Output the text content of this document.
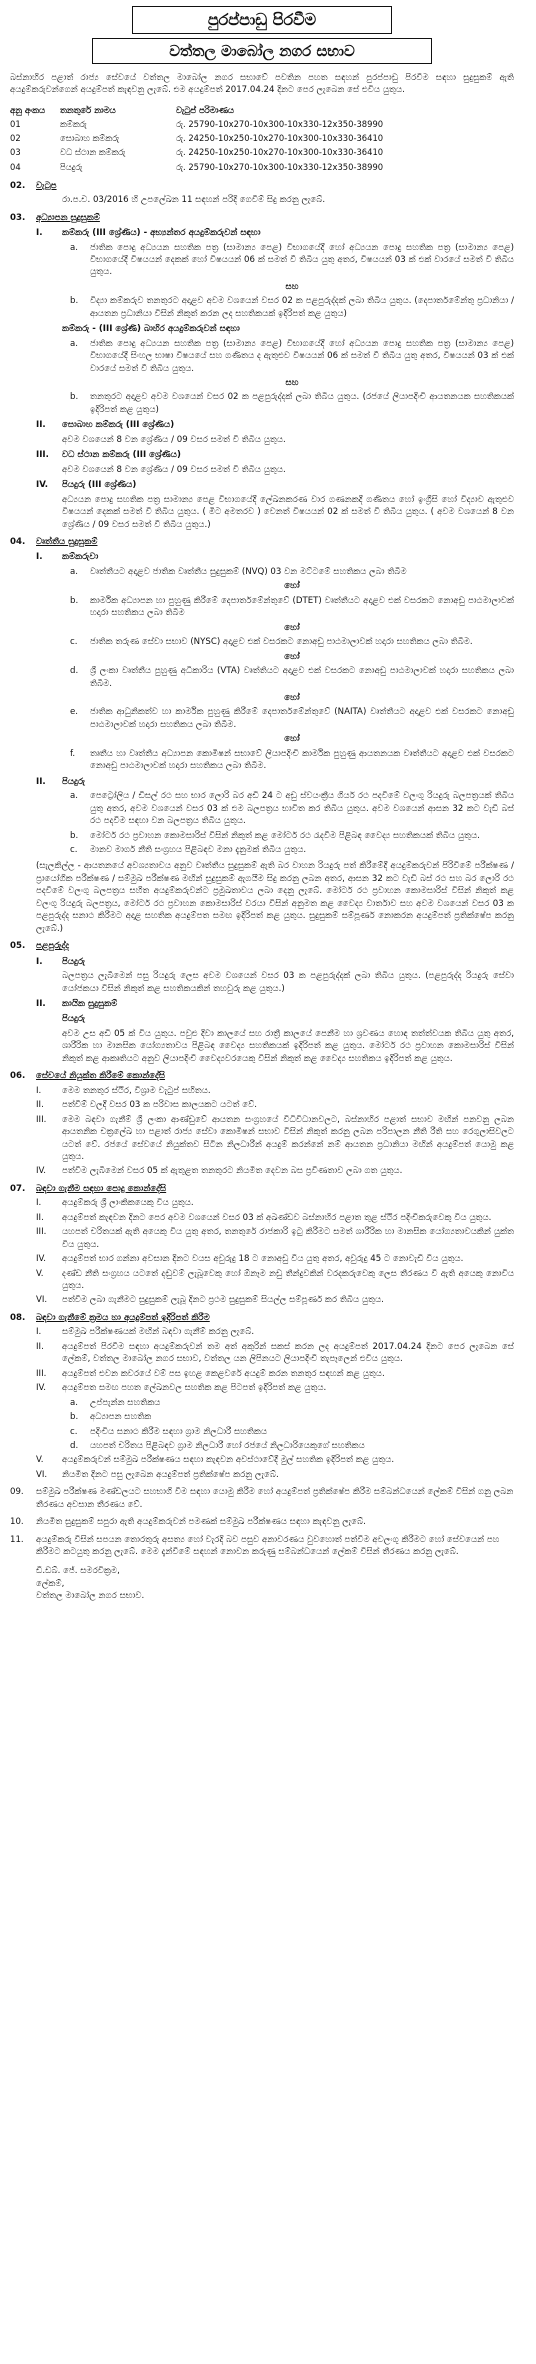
පුරප්පාඩු පිරවීම
වත්තල මාබෝල නගර සභාව

බස්නාහිර පළාත් රාජ්‍ය සේවයේ වත්තල මාබෝල නගර සභාවේ පවතින පහත සඳහන් පුරප්පාඩු පිරවීම සඳහා සුදුසුකම් ඇති අයදුම්කරුවන්ගෙන් අයදුම්පත් කැඳවනු ලැබේ. එම අයදුම්පත් 2017.04.24 දිනට පෙර ලැබෙන සේ එවිය යුතුය.

අනු අංකය	තනතුරේ නාමය	වැටුප් පරිමාණය
01	කම්කරු	රු. 25790-10x270-10x300-10x330-12x350-38990
02	සොබාහ කම්කරු	රු. 24250-10x250-10x270-10x300-10x330-36410
03	වධ ස්ථාන කම්කරු	රු. 24250-10x250-10x270-10x300-10x330-36410
04	පියදුරු	රු. 25790-10x270-10x300-10x330-12x350-38990
02.	වැටුප
රා.ප.ච. 03/2016 හි උපලේඛන 11 සඳහන් පරිදි ගෙවීම් සිදු කරනු ලැබේ.
03.	අධ්‍යාපන සුදුසුකම්
I.	කම්කරු (III ශ්‍රේණිය) - අභ්‍යන්තර අයදුම්කරුවන් සඳහා
a.	ජාතික පොදු අධ්‍යයන සහතික පත්‍ර (සාමාන්‍ය පෙළ) විභාගයේදී හෝ අධ්‍යයන පොදු සහතික පත්‍ර (සාමාන්‍ය පෙළ) විභාගයේදී විෂයයන් දෙකක් හෝ විෂයයන් 06 ක් සමත් වී තිබිය යුතු අතර, විෂයයන් 03 ක් එක් වාරයේ සමත් වී තිබිය යුතුය.
සහ
b.	විද්‍යා කම්කරුව තනතුරට අදාළව අවම වශයෙන් වසර 02 ක පළපුරුද්දක් ලබා තිබිය යුතුය. (දෙපාර්තමේන්තු ප්‍රධානියා / ආයතන ප්‍රධානියා විසින් නිකුත් කරන ලද සහතිකයක් ඉදිරිපත් කළ යුතුය)
කම්කරු - (III ශ්‍රේණි) බාහිර අයදුම්කරුවන් සඳහා
a.	ජාතික පොදු අධ්‍යයන සහතික පත්‍ර (සාමාන්‍ය පෙළ) විභාගයේදී හෝ අධ්‍යයන පොදු සහතික පත්‍ර (සාමාන්‍ය පෙළ) විභාගයේදී සිංහල භාෂා විෂයයේ සහ ගණිතය ද ඇතුළුව විෂයයන් 06 ක් සමත් වී තිබිය යුතු අතර, විෂයයන් 03 ක් එක් වාරයේ සමත් වී තිබිය යුතුය.
සහ
b.	තනතුරට අදාළව අවම වශයෙන් වසර 02 ක පළපුරුද්දක් ලබා තිබිය යුතුය. (රජයේ ලියාපදිංචි ආයතනයක සහතිකයක් ඉදිරිපත් කළ යුතුය)
II.	සොබාහ කම්කරු (III ශ්‍රේණිය)
අවම වශයෙන් 8 වන ශ්‍රේණිය / 09 වසර සමත් වී තිබිය යුතුය.
III.	වධ ස්ථාන කම්කරු (III ශ්‍රේණිය)
අවම වශයෙන් 8 වන ශ්‍රේණිය / 09 වසර සමත් වී තිබිය යුතුය.
IV.	පියදුරු (III ශ්‍රේණිය)
අධ්‍යයන පොදු සහතික පත්‍ර සාමාන්‍ය පෙළ විභාගයේදී ලේඛනකරණ වාර ගණනකදී ගණිතය හෝ ඉංග්‍රීසි හෝ විද්‍යාව ඇතුළුව විෂයයන් දෙකක් සමත් වී තිබිය යුතුය. ( මිට අමතරව ) වෙනත් විෂයයන් 02 ක් සමත් වී තිබිය යුතුය. ( අවම වශයෙන් 8 වන ශ්‍රේණිය / 09 වසර සමත් වී තිබිය යුතුය.)
04.	වෘත්තීය සුදුසුකම්
I.	කම්කරුවා
a.	වෘත්තීයට අදාළව ජාතික වෘත්තීය සුදුසුකම් (NVQ) 03 වන මට්ටමේ සහතිකය ලබා තිබීම
හෝ
b.	කාර්මික අධ්‍යාපන හා පුහුණු කිරීමේ දෙපාර්තමේන්තුවේ (DTET) වෘත්තීයට අදාළව එක් වසරකට නොඅඩු පාඨමාලාවක් හදාරා සහතිකය ලබා තිබීම
හෝ
c.	ජාතික තරුණ සේවා සභාව (NYSC) අදාළව එක් වසරකට නොඅඩු පාඨමාලාවක් හදාරා සහතිකය ලබා තිබීම.
හෝ
d.	ශ්‍රී ලංකා වෘත්තීය පුහුණු අධිකාරිය (VTA) වෘත්තියට අදාළව එක් වසරකට නොඅඩු පාඨමාලාවක් හදාරා සහතිකය ලබා තිබීම.
හෝ
e.	ජාතික ආධුනිකත්ව හා කාර්මික පුහුණු කිරීමේ දෙපාර්තමේන්තුවේ (NAITA) වෘත්තීයට අදාළව එක් වසරකට නොඅඩු පාඨමාලාවක් හදාරා සහතිකය ලබා තිබීම.
හෝ
f.	තෘතීය හා වෘත්තීය අධ්‍යාපන කොමිෂන් සභාවේ ලියාපදිංචි කාර්මික පුහුණු ආයතනයක වෘත්තීයට අදාළව එක් වසරකට නොඅඩු පාඨමාලාවක් හදාරා සහතිකය ලබා තිබීම.
II.	පියදුරු
a.	පෙට්‍රෝලිය / ඩීසල් රථ සහ භාර ලොරි බර අඩි 24 ට අඩු ස්වයංක්‍රීය ගියර් රථ පදවීමේ වලංගු රියදුරු බලපත්‍රයක් තිබිය යුතු අතර, අවම වශයෙන් වසර 03 ක් එම බලපත්‍රය භාවිත කර තිබිය යුතුය. අවම වශයෙන් ආසන 32 කට වැඩි බස් රථ පදවීම සඳහා වන බලපත්‍රය තිබිය යුතුය.
b.	මෝටර් රථ ප්‍රවාහන කොමසාරිස් විසින් නිකුත් කළ මෝටර් රථ රැදවීම පිළිබඳ වෛද්‍ය සහතිකයක් තිබිය යුතුය.
c.	මානව මාර්ග නීති සංග්‍රහය පිළිබඳව මනා දැනුමක් තිබිය යුතුය.
(සැලකිල්ල - ආයතනයේ අවශ්‍යතාවය අනුව වෘත්තීය සුදුසුකම් ඇති බර වාහන රියදුරු පත් කිරීමේදී අයදුම්කරුවන් පිරිවිමේ පරීක්ෂණ / ප්‍රායෝගික පරීක්ෂණ / සම්මුඛ පරීක්ෂණ මඟින් සුදුසුකම් ඇගයීම සිදු කරනු ලබන අතර, ආසන 32 කට වැඩි බස් රථ සහ බර ලොරි රථ පදවීමේ වලංගු බලපත්‍රය සහිත අයදුම්කරුවන්ට ප්‍රමුඛතාවය ලබා දෙනු ලැබේ. මෝටර් රථ ප්‍රවාහන කොමසාරිස් විසින් නිකුත් කළ වලංගු රියදුරු බලපත්‍රය, මෝටර් රථ ප්‍රවාහන කොමසාරිස් වරයා විසින් අනුමත කළ වෛද්‍ය වාර්තාව සහ අවම වශයෙන් වසර 03 ක පළපුරුද්ද සනාථ කිරීමට අදාළ සහතික අයදුම්පත සමඟ ඉදිරිපත් කළ යුතුය. සුදුසුකම් සම්පූර්ණ නොකරන අයදුම්පත් ප්‍රතික්ෂේප කරනු ලැබේ.)
05.	පළපුරුද්ද
I.	පියදුරු
බලපත්‍රය ලැබීමෙන් පසු රියදුරු ලෙස අවම වශයෙන් වසර 03 ක පළපුරුද්දක් ලබා තිබිය යුතුය. (පළපුරුද්ද රියදුරු සේවා යෝජකයා විසින් නිකුත් කළ සහතිකයකින් තහවුරු කළ යුතුය.)
II.	කායික සුදුසුකම්
පියදුරු
අවම උස අඩි 05 ක් විය යුතුය. පවුළු දිවා කාලයේ සහ රාත්‍රී කාලයේ පෙනීම හා ශ්‍රවණය හොඳ තත්ත්වයක තිබිය යුතු අතර, ශාරීරික හා මානසික යෝග්‍යතාවය පිළිබඳ වෛද්‍ය සහතිකයක් ඉදිරිපත් කළ යුතුය. මෝටර් රථ ප්‍රවාහන කොමසාරිස් විසින් නිකුත් කළ ආකෘතියට අනුව ලියාපදිංචි වෛද්‍යවරයෙකු විසින් නිකුත් කළ වෛද්‍ය සහතිකය ඉදිරිපත් කළ යුතුය.
06.	සේවයේ නියුක්ත කිරීමේ කොන්දේසි
I.	මෙම තනතුර ස්ථිර, විශ්‍රාම වැටුප් සහිතය.
II.	පත්වීම් වලදී වසර 03 ක පරිවාස කාලයකට යටත් වේ.
III.	මෙම බඳවා ගැනීම් ශ්‍රී ලංකා ආණ්ඩුවේ ආයතන සංග්‍රහයේ විධිවිධානවලට, බස්නාහිර පළාත් සභාව මඟින් පනවනු ලබන ආයතනික චක්‍රලේඛ හා පළාත් රාජ්‍ය සේවා කොමිෂන් සභාව විසින් නිකුත් කරනු ලබන පරිපාලන නීති රීති සහ රෙගුලාසිවලට යටත් වේ. රජයේ සේවයේ නියුක්තව සිටින නිලධාරීන් අයදුම් කරන්නේ නම් ආයතන ප්‍රධානියා මඟින් අයදුම්පත් යොමු කළ යුතුය.
IV.	පත්වීම ලැබීමෙන් වසර 05 ක් ඇතුළත තනතුරට නියමිත දෙවන බස ප්‍රවීණතාව ලබා ගත යුතුය.
07.	බඳවා ගැනීම සඳහා පොදු කොන්දේසි
I.	අයදුම්කරු ශ්‍රී ලාංකිකයෙකු විය යුතුය.
II.	අයදුම්පත් කැඳවන දිනට පෙර අවම වශයෙන් වසර 03 ක් අඛණ්ඩව බස්නාහිර පළාත තුළ ස්ථිර පදිංචිකරුවෙකු විය යුතුය.
III.	යහපත් චරිතයක් ඇති අයෙකු විය යුතු අතර, තනතුරේ රාජකාරි ඉටු කිරීමට සමත් ශාරීරික හා මානසික යෝග්‍යතාවයකින් යුක්ත විය යුතුය.
IV.	අයදුම්පත් භාර ගන්නා අවසාන දිනට වයස අවුරුදු 18 ට නොඅඩු විය යුතු අතර, අවුරුදු 45 ට නොවැඩි විය යුතුය.
V.	දණ්ඩ නීති සංග්‍රහය යටතේ දඬුවම් ලැබූවෙකු හෝ ඕනෑම නඩු තීන්දුවකින් වරදකරුවෙකු ලෙස තීරණය වී ඇති අයෙකු නොවිය යුතුය.
VI.	පත්වීම ලබා ගැනීමට සුදුසුකම් ලැබූ දිනට ප්‍රථම සුදුසුකම් සියල්ල සම්පූර්ණ කර තිබිය යුතුය.
08.	බඳවා ගැනීමේ ක්‍රමය හා අයදුම්පත් ඉදිරිපත් කිරීම
I.	සම්මුඛ පරීක්ෂණයක් මඟින් බඳවා ගැනීම් කරනු ලැබේ.
II.	අයදුම්පත් පිරවීම සඳහා අයදුම්කරුවන් තම අත් අකුරින් සකස් කරන ලද අයදුම්පත් 2017.04.24 දිනට පෙර ලැබෙන සේ ලේකම්, වත්තල මාබෝල නගර සභාව, වත්තල යන ලිපිනයට ලියාපදිංචි තැපෑලෙන් එවිය යුතුය.
III.	අයදුම්පත් එවන කවරයේ වම් පස ඉහළ කෙළවරේ අයදුම් කරන තනතුර සඳහන් කළ යුතුය.
IV.	අයදුම්පත සමඟ පහත ලේඛනවල සහතික කළ පිටපත් ඉදිරිපත් කළ යුතුය.
a.	උප්පැන්න සහතිකය
b.	අධ්‍යාපන සහතික
c.	පදිංචිය සනාථ කිරීම සඳහා ග්‍රාම නිලධාරී සහතිකය
d.	යහපත් චරිතය පිළිබඳව ග්‍රාම නිලධාරී හෝ රජයේ නිලධාරියෙකුගේ සහතිකය
V.	අයදුම්කරුවන් සම්මුඛ පරීක්ෂණය සඳහා කැඳවන අවස්ථාවේදී මුල් සහතික ඉදිරිපත් කළ යුතුය.
VI.	නියමිත දිනට පසු ලැබෙන අයදුම්පත් ප්‍රතික්ෂේප කරනු ලැබේ.
09.	සම්මුඛ පරීක්ෂණ මණ්ඩලයට සහභාගි වීම සඳහා යොමු කිරීම හෝ අයදුම්පත් ප්‍රතික්ෂේප කිරීම සම්බන්ධයෙන් ලේකම් විසින් ගනු ලබන තීරණය අවසාන තීරණය වේ.
10.	නියමිත සුදුසුකම් සපුරා ඇති අයදුම්කරුවන් පමණක් සම්මුඛ පරීක්ෂණය සඳහා කැඳවනු ලැබේ.
11.	අයදුම්කරු විසින් සපයන තොරතුරු අසත්‍ය හෝ වැරදි බව පසුව අනාවරණය වුවහොත් පත්වීම අවලංගු කිරීමට හෝ සේවයෙන් පහ කිරීමට කටයුතු කරනු ලැබේ. මෙම දැන්වීමේ සඳහන් නොවන කරුණු සම්බන්ධයෙන් ලේකම් විසින් තීරණය කරනු ලැබේ.
ඩී.ඩබ්. ජේ. සමරවික්‍රම,
ලේකම්,
වත්තල මාබෝල නගර සභාව.
